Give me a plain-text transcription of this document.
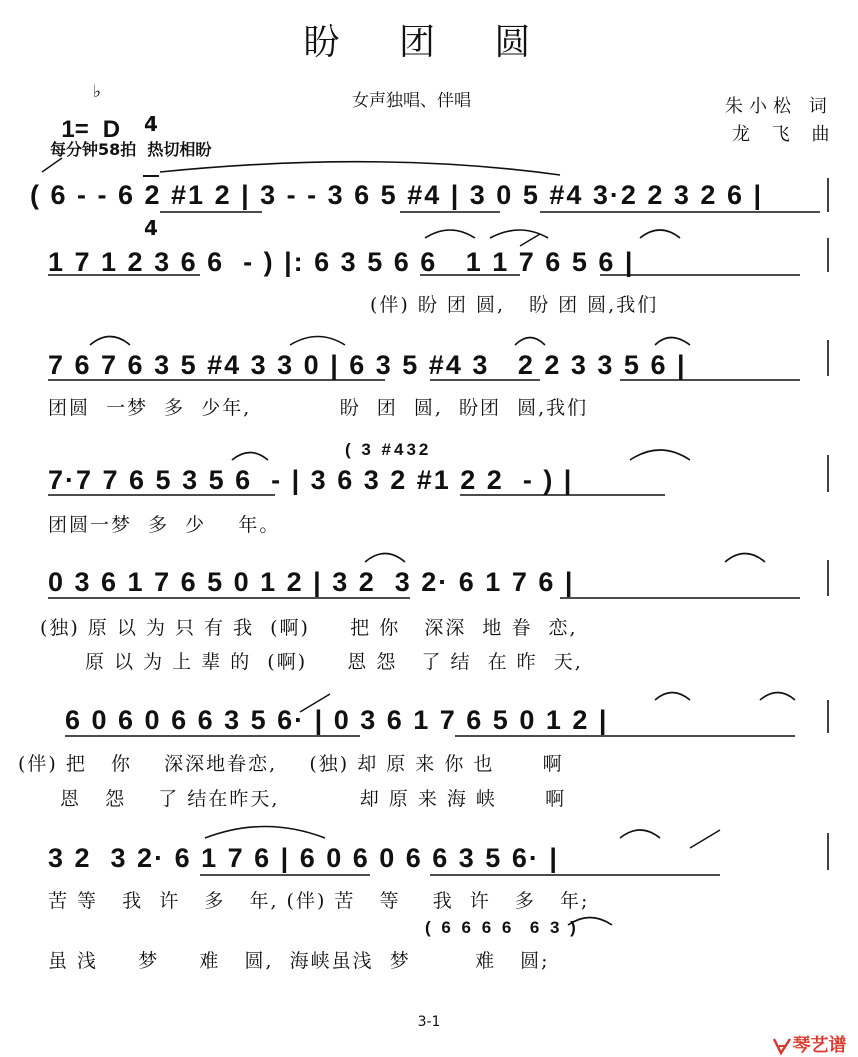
盼 团 圆

1= D

♭

4

4

女声独唱、伴唱	朱小松 词
龙 飞 曲
每分钟58拍  热切相盼
( 6 - - 6 2 #1 2 | 3 - - 3 6 5 #4 | 3 0 5 #4 3·2 2 3 2 6 |
1 7 1 2 3 6 6  - ) |: 6 3 5 6 6   1 1 7 6 5 6 |
(伴) 盼 团 圆,   盼 团 圆,我们
7 6 7 6 3 5 #4 3 3 0 | 6 3 5 #4 3   2 2 3 3 5 6 |
团圆  一梦  多  少年,           盼  团  圆,  盼团  圆,我们
( 3 #432
7·7 7 6 5 3 5 6  - | 3 6 3 2 #1 2 2  - ) |
团圆一梦  多  少    年。
0 3 6 1 7 6 5 0 1 2 | 3 2  3 2· 6 1 7 6 |
(独) 原 以 为 只 有 我  (啊)     把 你   深深  地 眷  恋,
原 以 为 上 辈 的  (啊)     恩 怨   了 结  在 昨  天,
6 0 6 0 6 6 3 5 6· | 0 3 6 1 7 6 5 0 1 2 |
(伴) 把   你    深深地眷恋,    (独) 却 原 来 你 也      啊
恩   怨    了 结在昨天,          却 原 来 海 峡      啊
3 2  3 2· 6 1 7 6 | 6 0 6 0 6 6 3 5 6· |
苦 等   我  许   多   年, (伴) 苦   等    我  许   多   年;
( 6 6 6 6  6 3 )
虽 浅     梦     难   圆,  海峡虽浅  梦        难   圆;
3-1

琴艺谱
